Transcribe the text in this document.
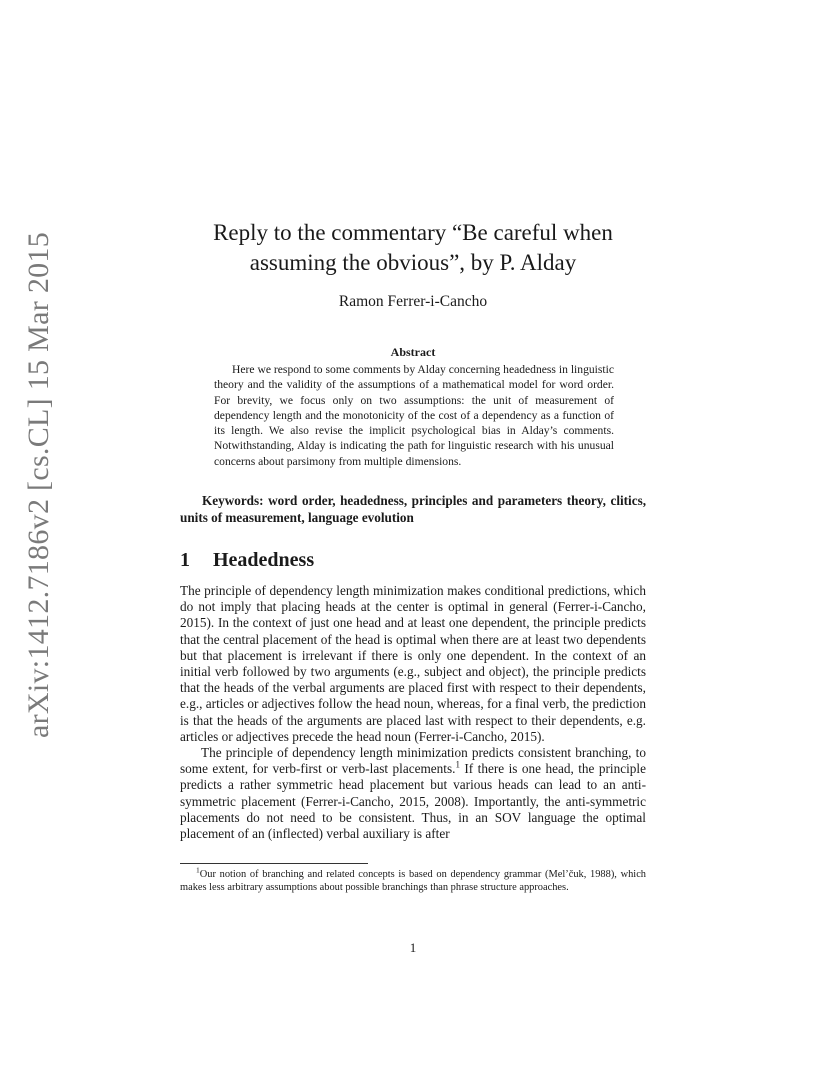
arXiv:1412.7186v2 [cs.CL] 15 Mar 2015	Reply to the commentary “Be careful when
assuming the obvious”, by P. Alday
Ramon Ferrer-i-Cancho
Abstract

Here we respond to some comments by Alday concerning headedness in linguistic theory and the validity of the assumptions of a mathematical model for word order. For brevity, we focus only on two assumptions: the unit of measurement of dependency length and the monotonicity of the cost of a dependency as a function of its length. We also revise the implicit psychological bias in Alday’s comments. Notwithstanding, Alday is indicating the path for linguistic research with his unusual concerns about parsimony from multiple dimensions.

Keywords: word order, headedness, principles and parameters theory, clitics, units of measurement, language evolution

1 Headedness

The principle of dependency length minimization makes conditional predictions, which do not imply that placing heads at the center is optimal in general (Ferrer-i-Cancho, 2015). In the context of just one head and at least one dependent, the principle predicts that the central placement of the head is optimal when there are at least two dependents but that placement is irrelevant if there is only one dependent. In the context of an initial verb followed by two arguments (e.g., subject and object), the principle predicts that the heads of the verbal arguments are placed first with respect to their dependents, e.g., articles or adjectives follow the head noun, whereas, for a final verb, the prediction is that the heads of the arguments are placed last with respect to their dependents, e.g. articles or adjectives precede the head noun (Ferrer-i-Cancho, 2015).

The principle of dependency length minimization predicts consistent branching, to some extent, for verb-first or verb-last placements.$^1$ If there is one head, the principle predicts a rather symmetric head placement but various heads can lead to an anti-symmetric placement (Ferrer-i-Cancho, 2015, 2008). Importantly, the anti-symmetric placements do not need to be consistent. Thus, in an SOV language the optimal placement of an (inflected) verbal auxiliary is after

$^1$Our notion of branching and related concepts is based on dependency grammar (Mel’čuk, 1988), which makes less arbitrary assumptions about possible branchings than phrase structure approaches.

1
